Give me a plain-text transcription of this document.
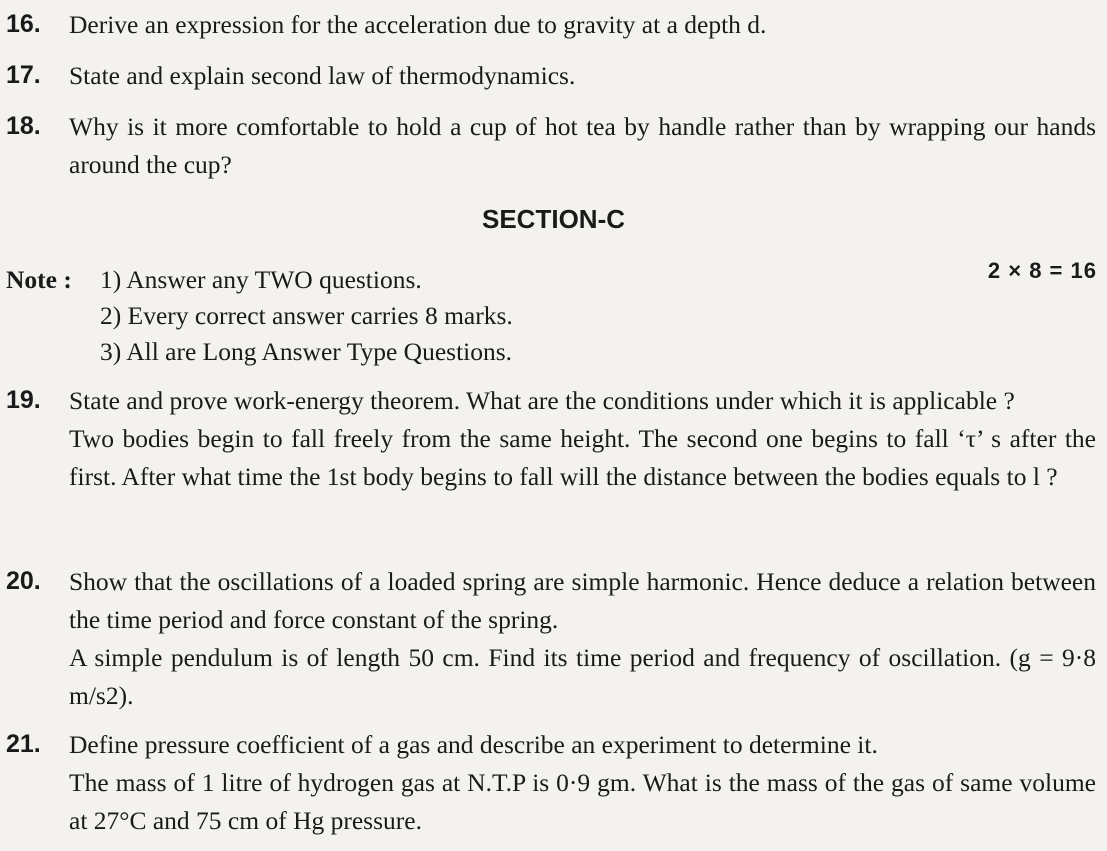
16. Derive an expression for the acceleration due to gravity at a depth d.
17. State and explain second law of thermodynamics.
18. Why is it more comfortable to hold a cup of hot tea by handle rather than by wrapping our hands around the cup?
SECTION-C
Note : 1) Answer any TWO questions.
2) Every correct answer carries 8 marks.
3) All are Long Answer Type Questions.
2 × 8 = 16
19. State and prove work-energy theorem. What are the conditions under which it is applicable ?

Two bodies begin to fall freely from the same height. The second one begins to fall ‘τ’ s after the first. After what time the 1st body begins to fall will the distance between the bodies equals to l ?

20. Show that the oscillations of a loaded spring are simple harmonic. Hence deduce a relation between the time period and force constant of the spring.

A simple pendulum is of length 50 cm. Find its time period and frequency of oscillation. (g = 9·8 m/s2).

21. Define pressure coefficient of a gas and describe an experiment to determine it.

The mass of 1 litre of hydrogen gas at N.T.P is 0·9 gm. What is the mass of the gas of same volume at 27°C and 75 cm of Hg pressure.
